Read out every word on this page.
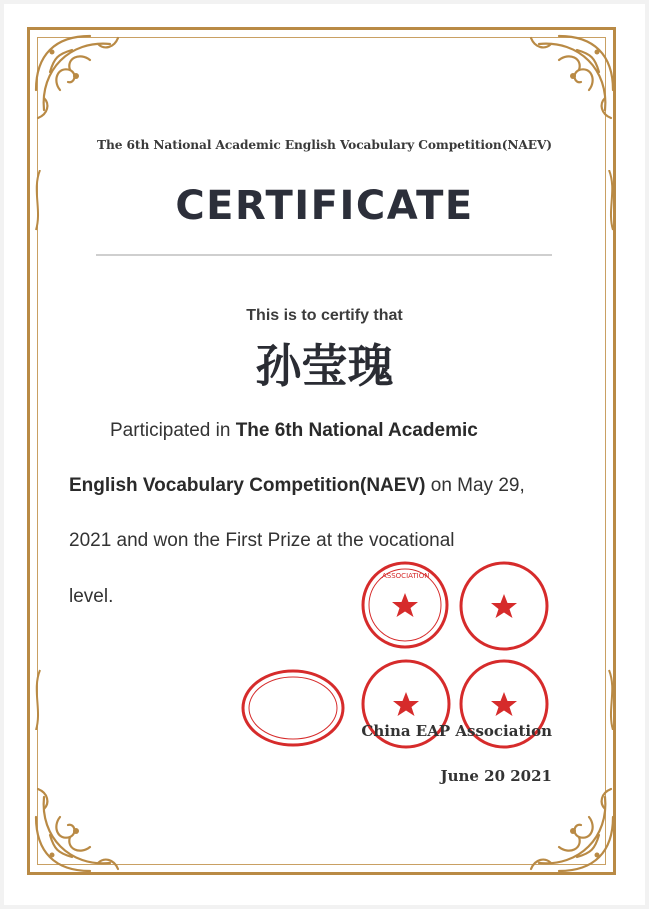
The 6th National Academic English Vocabulary Competition(NAEV)
CERTIFICATE
This is to certify that
孙莹瑰
Participated in The 6th National Academic
English Vocabulary Competition(NAEV) on May 29,
2021 and won the First Prize at the vocational
level.
ASSOCIATION
China EAP Association
June 20 2021
